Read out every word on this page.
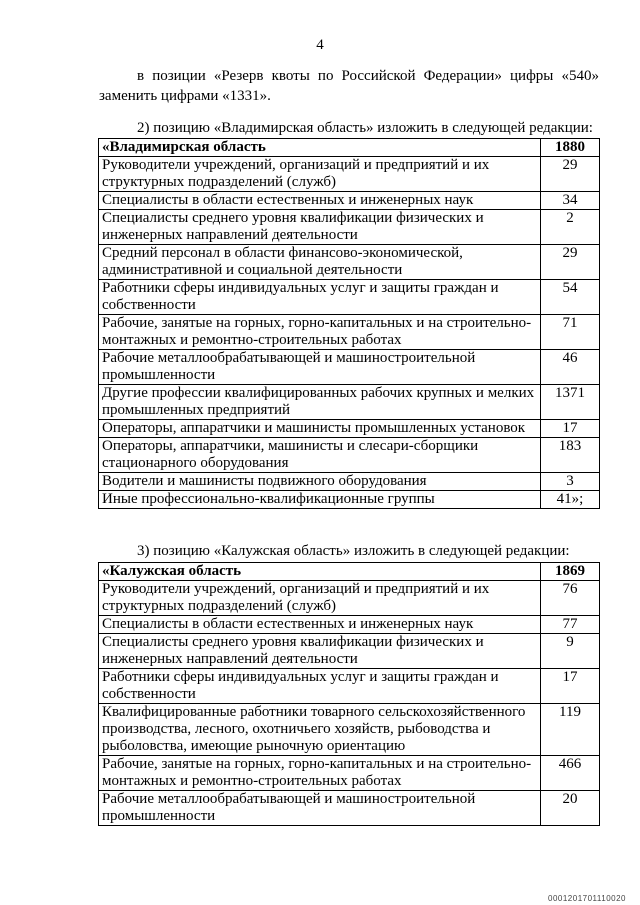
4
в позиции «Резерв квоты по Российской Федерации» цифры «540»
заменить цифрами «1331».
2) позицию «Владимирская область» изложить в следующей редакции:
«Владимирская область	1880
Руководители учреждений, организаций и предприятий и их структурных подразделений (служб)	29
Специалисты в области естественных и инженерных наук	34
Специалисты среднего уровня квалификации физических и инженерных направлений деятельности	2
Средний персонал в области финансово-экономической, административной и социальной деятельности	29
Работники сферы индивидуальных услуг и защиты граждан и собственности	54
Рабочие, занятые на горных, горно-капитальных и на строительно-монтажных и ремонтно-строительных работах	71
Рабочие металлообрабатывающей и машиностроительной промышленности	46
Другие профессии квалифицированных рабочих крупных и мелких промышленных предприятий	1371
Операторы, аппаратчики и машинисты промышленных установок	17
Операторы, аппаратчики, машинисты и слесари-сборщики стационарного оборудования	183
Водители и машинисты подвижного оборудования	3
Иные профессионально-квалификационные группы	41»;
3) позицию «Калужская область» изложить в следующей редакции:
«Калужская область	1869
Руководители учреждений, организаций и предприятий и их структурных подразделений (служб)	76
Специалисты в области естественных и инженерных наук	77
Специалисты среднего уровня квалификации физических и инженерных направлений деятельности	9
Работники сферы индивидуальных услуг и защиты граждан и собственности	17
Квалифицированные работники товарного сельскохозяйственного производства, лесного, охотничьего хозяйств, рыбоводства и рыболовства, имеющие рыночную ориентацию	119
Рабочие, занятые на горных, горно-капитальных и на строительно-монтажных и ремонтно-строительных работах	466
Рабочие металлообрабатывающей и машиностроительной промышленности	20
0001201701110020
